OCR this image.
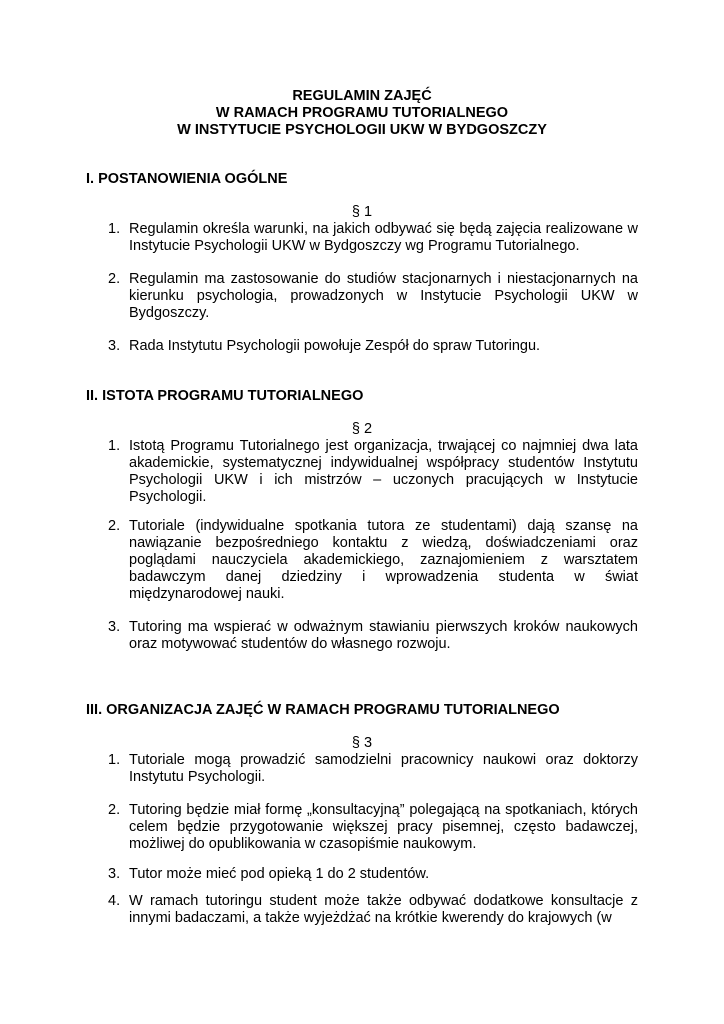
REGULAMIN ZAJĘĆ
W RAMACH PROGRAMU TUTORIALNEGO
W INSTYTUCIE PSYCHOLOGII UKW W BYDGOSZCZY
I. POSTANOWIENIA OGÓLNE
§ 1
1. Regulamin określa warunki, na jakich odbywać się będą zajęcia realizowane w Instytucie Psychologii UKW w Bydgoszczy wg Programu Tutorialnego.
2. Regulamin ma zastosowanie do studiów stacjonarnych i niestacjonarnych na kierunku psychologia, prowadzonych w Instytucie Psychologii UKW w Bydgoszczy.
3. Rada Instytutu Psychologii powołuje Zespół do spraw Tutoringu.
II. ISTOTA PROGRAMU TUTORIALNEGO
§ 2
1. Istotą Programu Tutorialnego jest organizacja, trwającej co najmniej dwa lata akademickie, systematycznej indywidualnej współpracy studentów Instytutu Psychologii UKW i ich mistrzów – uczonych pracujących w Instytucie Psychologii.
2. Tutoriale (indywidualne spotkania tutora ze studentami) dają szansę na nawiązanie bezpośredniego kontaktu z wiedzą, doświadczeniami oraz poglądami nauczyciela akademickiego, zaznajomieniem z warsztatem badawczym danej dziedziny i wprowadzenia studenta w świat międzynarodowej nauki.
3. Tutoring ma wspierać w odważnym stawianiu pierwszych kroków naukowych oraz motywować studentów do własnego rozwoju.
III. ORGANIZACJA ZAJĘĆ W RAMACH PROGRAMU TUTORIALNEGO
§ 3
1. Tutoriale mogą prowadzić samodzielni pracownicy naukowi oraz doktorzy Instytutu Psychologii.
2. Tutoring będzie miał formę „konsultacyjną” polegającą na spotkaniach, których celem będzie przygotowanie większej pracy pisemnej, często badawczej, możliwej do opublikowania w czasopiśmie naukowym.
3. Tutor może mieć pod opieką 1 do 2 studentów.
4. W ramach tutoringu student może także odbywać dodatkowe konsultacje z innymi badaczami, a także wyjeżdżać na krótkie kwerendy do krajowych (w
